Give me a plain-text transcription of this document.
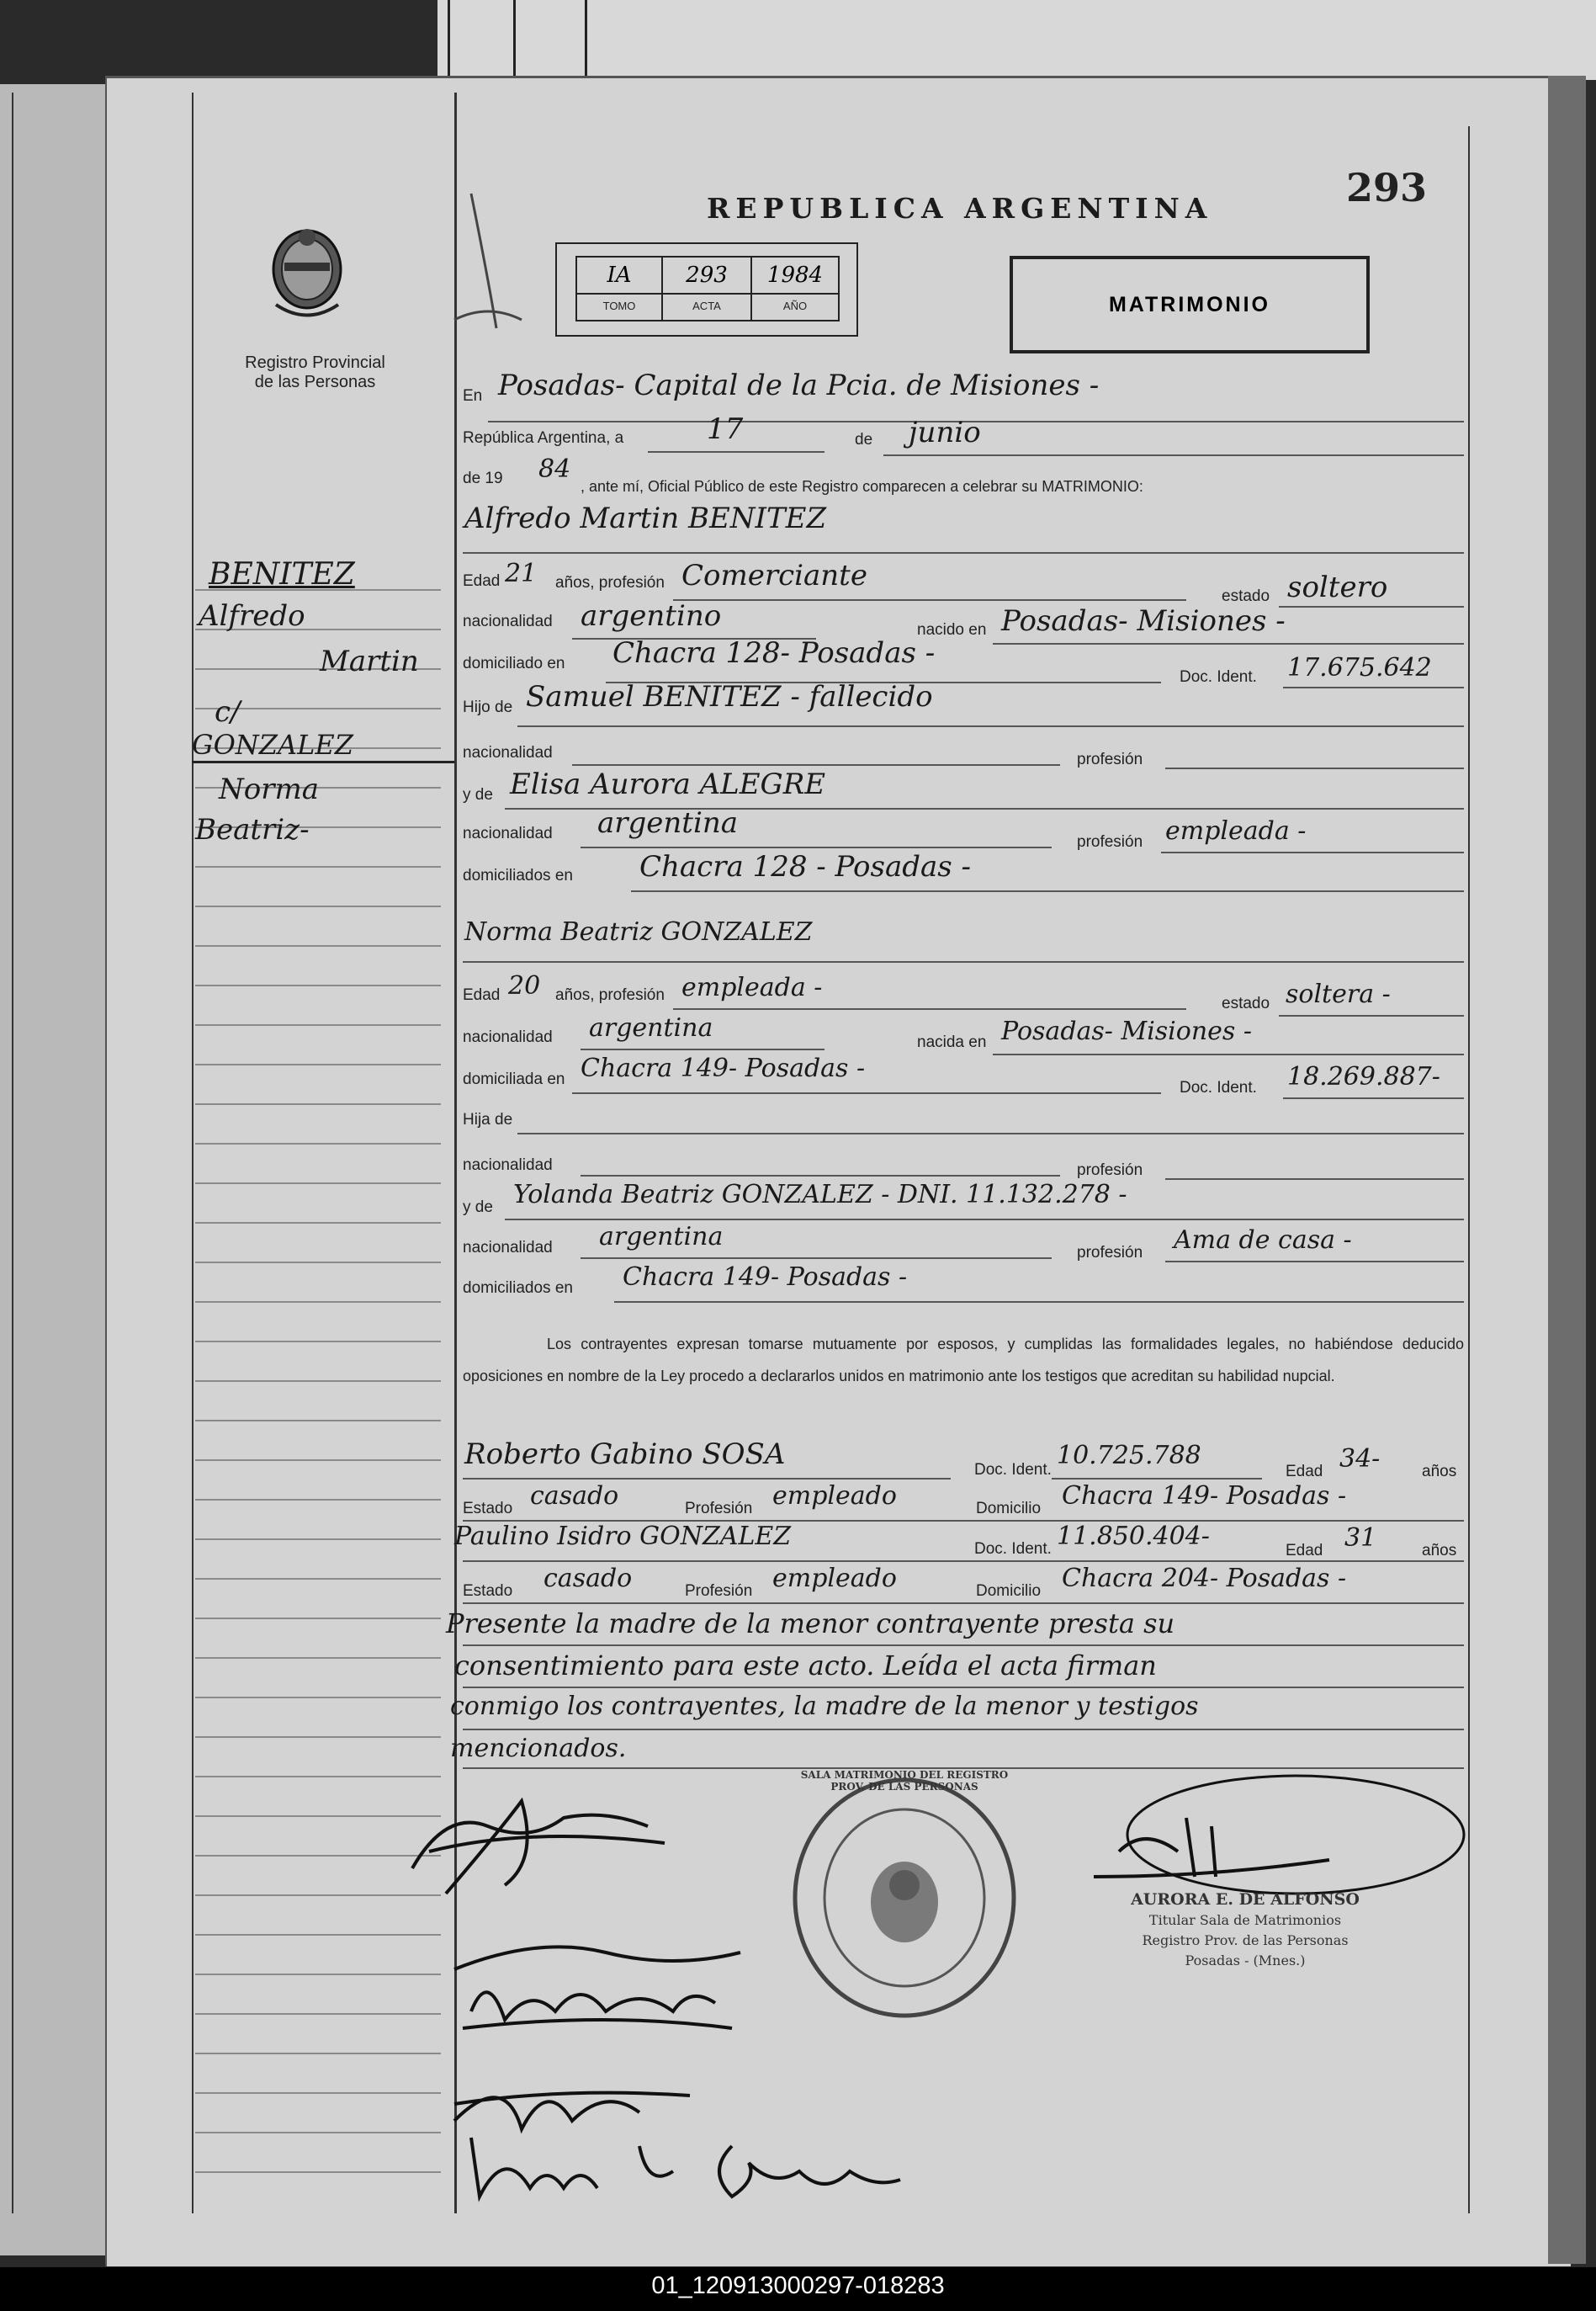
Registro Provincial
de las Personas
REPUBLICA ARGENTINA	293
IA	293	1984
TOMO	ACTA	AÑO	MATRIMONIO
BENITEZ
Alfredo
Martin
c/
GONZALEZ
Norma
Beatriz-
En Posadas- Capital de la Pcia. de Misiones -
República Argentina, a	17	de junio
de 19 84
, ante mí, Oficial Público de este Registro comparecen a celebrar su MATRIMONIO:
Alfredo Martin BENITEZ
Edad 21 años, profesión Comerciante
estado soltero
nacionalidad argentino	nacido en Posadas- Misiones -
domiciliado en Chacra 128- Posadas -
Doc. Ident. 17.675.642
Hijo de Samuel BENITEZ - fallecido
nacionalidad	profesión
y de Elisa Aurora ALEGRE
nacionalidad argentina
profesión empleada -
domiciliados en Chacra 128 - Posadas -
Norma Beatriz GONZALEZ
Edad 20 años, profesión empleada -
estado soltera -
nacionalidad argentina	nacida en Posadas- Misiones -
domiciliada en Chacra 149- Posadas -
Doc. Ident. 18.269.887-
Hija de
nacionalidad	profesión
y de Yolanda Beatriz GONZALEZ - DNI. 11.132.278 -
nacionalidad argentina
profesión Ama de casa -
domiciliados en Chacra 149- Posadas -
Los contrayentes expresan tomarse mutuamente por esposos, y cumplidas las formalidades legales, no habiéndose deducido oposiciones en nombre de la Ley procedo a declararlos unidos en matrimonio ante los testigos que acreditan su habilidad nupcial.
Roberto Gabino SOSA	Doc. Ident. 10.725.788
Edad 34-	años
Estado casado	Profesión empleado	Domicilio Chacra 149- Posadas -
Paulino Isidro GONZALEZ	Doc. Ident. 11.850.404-	Edad 31	años
Estado casado	Profesión empleado	Domicilio Chacra 204- Posadas -
Presente la madre de la menor contrayente presta su
consentimiento para este acto. Leída el acta firman
conmigo los contrayentes, la madre de la menor y testigos
mencionados.
SALA MATRIMONIO DEL REGISTRO PROV. DE LAS PERSONAS
AURORA E. DE ALFONSO
Titular Sala de Matrimonios
Registro Prov. de las Personas
Posadas - (Mnes.)
01_120913000297-018283
